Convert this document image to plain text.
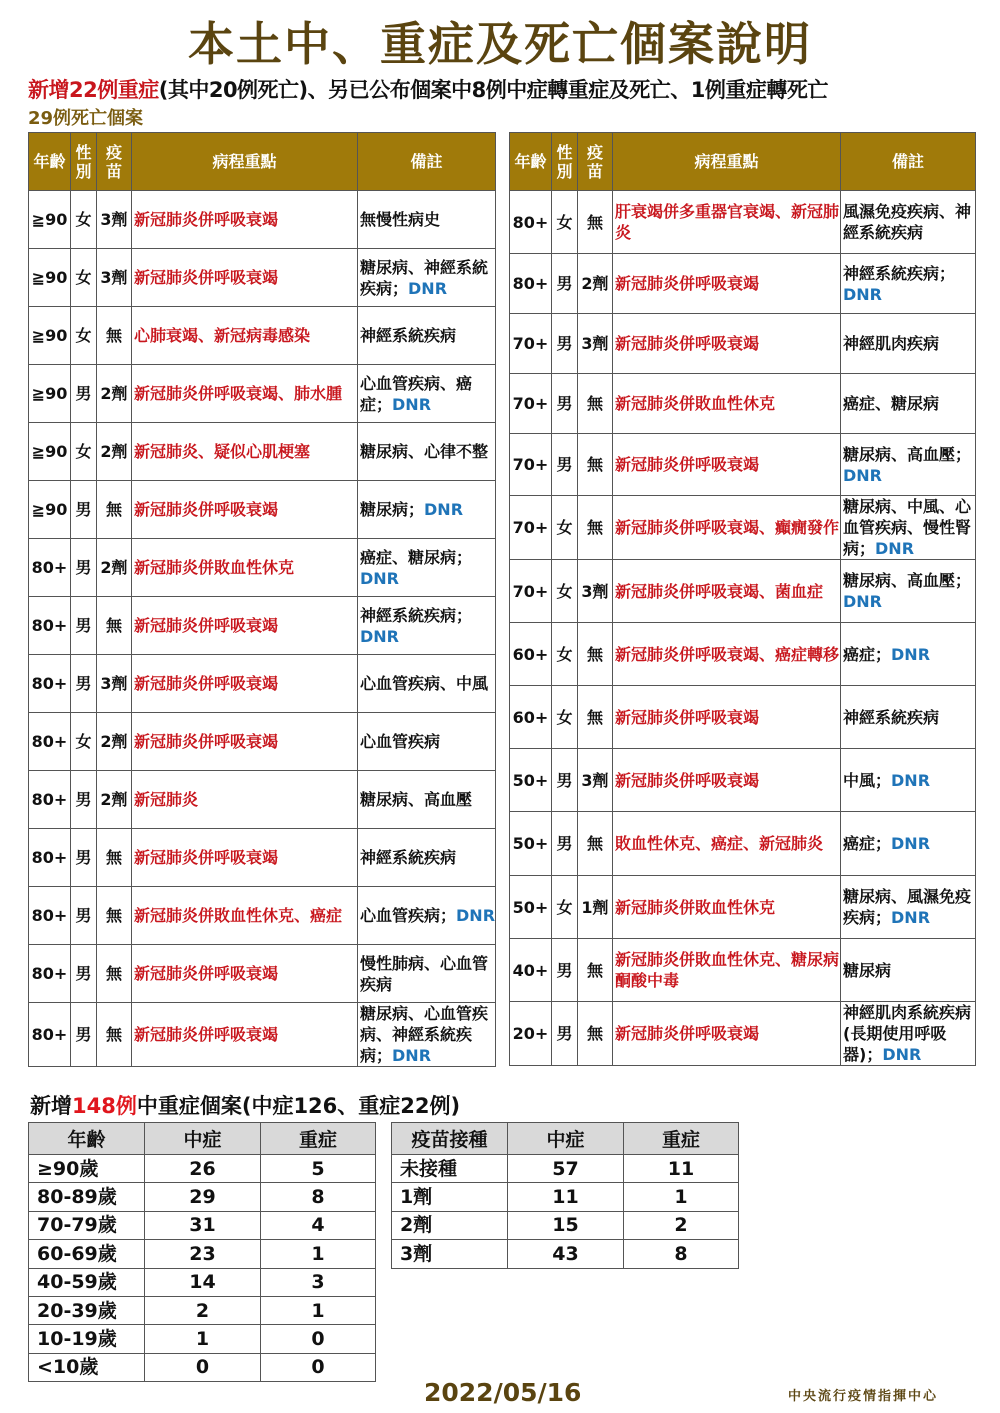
本土中、重症及死亡個案說明
新增22例重症(其中20例死亡)、另已公布個案中8例中症轉重症及死亡、1例重症轉死亡
29例死亡個案
年齡	性別	疫苗	病程重點	備註
≧90	女	3劑	新冠肺炎併呼吸衰竭	無慢性病史
≧90	女	3劑	新冠肺炎併呼吸衰竭	糖尿病、神經系統疾病；DNR
≧90	女	無	心肺衰竭、新冠病毒感染	神經系統疾病
≧90	男	2劑	新冠肺炎併呼吸衰竭、肺水腫	心血管疾病、癌症；DNR
≧90	女	2劑	新冠肺炎、疑似心肌梗塞	糖尿病、心律不整
≧90	男	無	新冠肺炎併呼吸衰竭	糖尿病；DNR
80+	男	2劑	新冠肺炎併敗血性休克	癌症、糖尿病；DNR
80+	男	無	新冠肺炎併呼吸衰竭	神經系統疾病；DNR
80+	男	3劑	新冠肺炎併呼吸衰竭	心血管疾病、中風
80+	女	2劑	新冠肺炎併呼吸衰竭	心血管疾病
80+	男	2劑	新冠肺炎	糖尿病、高血壓
80+	男	無	新冠肺炎併呼吸衰竭	神經系統疾病
80+	男	無	新冠肺炎併敗血性休克、癌症	心血管疾病；DNR
80+	男	無	新冠肺炎併呼吸衰竭	慢性肺病、心血管疾病
80+	男	無	新冠肺炎併呼吸衰竭	糖尿病、心血管疾病、神經系統疾病；DNR
年齡	性別	疫苗	病程重點	備註
80+	女	無	肝衰竭併多重器官衰竭、新冠肺炎	風濕免疫疾病、神經系統疾病
80+	男	2劑	新冠肺炎併呼吸衰竭	神經系統疾病；DNR
70+	男	3劑	新冠肺炎併呼吸衰竭	神經肌肉疾病
70+	男	無	新冠肺炎併敗血性休克	癌症、糖尿病
70+	男	無	新冠肺炎併呼吸衰竭	糖尿病、高血壓；DNR
70+	女	無	新冠肺炎併呼吸衰竭、癲癇發作	糖尿病、中風、心血管疾病、慢性腎病；DNR
70+	女	3劑	新冠肺炎併呼吸衰竭、菌血症	糖尿病、高血壓；DNR
60+	女	無	新冠肺炎併呼吸衰竭、癌症轉移	癌症；DNR
60+	女	無	新冠肺炎併呼吸衰竭	神經系統疾病
50+	男	3劑	新冠肺炎併呼吸衰竭	中風；DNR
50+	男	無	敗血性休克、癌症、新冠肺炎	癌症；DNR
50+	女	1劑	新冠肺炎併敗血性休克	糖尿病、風濕免疫疾病；DNR
40+	男	無	新冠肺炎併敗血性休克、糖尿病酮酸中毒	糖尿病
20+	男	無	新冠肺炎併呼吸衰竭	神經肌肉系統疾病(長期使用呼吸器)；DNR
新增148例中重症個案(中症126、重症22例)
年齡	中症	重症
≥90歲	26	5
80-89歲	29	8
70-79歲	31	4
60-69歲	23	1
40-59歲	14	3
20-39歲	2	1
10-19歲	1	0
<10歲	0	0
疫苗接種	中症	重症
未接種	57	11
1劑	11	1
2劑	15	2
3劑	43	8
2022/05/16	中央流行疫情指揮中心
